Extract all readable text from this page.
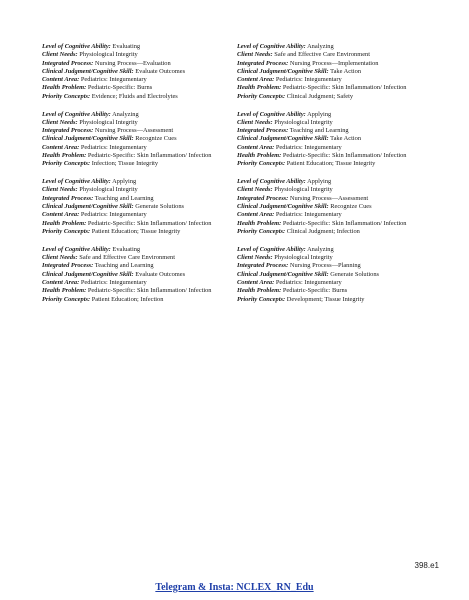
Level of Cognitive Ability: Evaluating
Client Needs: Physiological Integrity
Integrated Process: Nursing Process—Evaluation
Clinical Judgment/Cognitive Skill: Evaluate Outcomes
Content Area: Pediatrics: Integumentary
Health Problem: Pediatric-Specific: Burns
Priority Concepts: Evidence; Fluids and Electrolytes
Level of Cognitive Ability: Analyzing
Client Needs: Physiological Integrity
Integrated Process: Nursing Process—Assessment
Clinical Judgment/Cognitive Skill: Recognize Cues
Content Area: Pediatrics: Integumentary
Health Problem: Pediatric-Specific: Skin Inflammation/ Infection
Priority Concepts: Infection; Tissue Integrity
Level of Cognitive Ability: Applying
Client Needs: Physiological Integrity
Integrated Process: Teaching and Learning
Clinical Judgment/Cognitive Skill: Generate Solutions
Content Area: Pediatrics: Integumentary
Health Problem: Pediatric-Specific: Skin Inflammation/ Infection
Priority Concepts: Patient Education; Tissue Integrity
Level of Cognitive Ability: Evaluating
Client Needs: Safe and Effective Care Environment
Integrated Process: Teaching and Learning
Clinical Judgment/Cognitive Skill: Evaluate Outcomes
Content Area: Pediatrics: Integumentary
Health Problem: Pediatric-Specific: Skin Inflammation/ Infection
Priority Concepts: Patient Education; Infection
Level of Cognitive Ability: Analyzing
Client Needs: Safe and Effective Care Environment
Integrated Process: Nursing Process—Implementation
Clinical Judgment/Cognitive Skill: Take Action
Content Area: Pediatrics: Integumentary
Health Problem: Pediatric-Specific: Skin Inflammation/ Infection
Priority Concepts: Clinical Judgment; Safety
Level of Cognitive Ability: Applying
Client Needs: Physiological Integrity
Integrated Process: Teaching and Learning
Clinical Judgment/Cognitive Skill: Take Action
Content Area: Pediatrics: Integumentary
Health Problem: Pediatric-Specific: Skin Inflammation/ Infection
Priority Concepts: Patient Education; Tissue Integrity
Level of Cognitive Ability: Applying
Client Needs: Physiological Integrity
Integrated Process: Nursing Process—Assessment
Clinical Judgment/Cognitive Skill: Recognize Cues
Content Area: Pediatrics: Integumentary
Health Problem: Pediatric-Specific: Skin Inflammation/ Infection
Priority Concepts: Clinical Judgment; Infection
Level of Cognitive Ability: Analyzing
Client Needs: Physiological Integrity
Integrated Process: Nursing Process—Planning
Clinical Judgment/Cognitive Skill: Generate Solutions
Content Area: Pediatrics: Integumentary
Health Problem: Pediatric-Specific: Burns
Priority Concepts: Development; Tissue Integrity
398.e1
Telegram & Insta: NCLEX_RN_Edu
